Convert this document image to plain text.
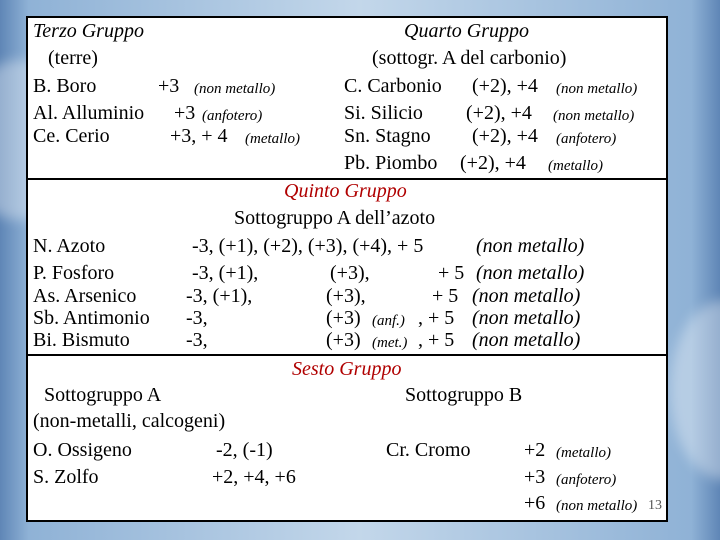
Terzo Gruppo
(terre)
B. Boro	+3 (non metallo)
Al. Alluminio +3 (anfotero)
Ce. Cerio	+3, + 4 (metallo)
Quarto Gruppo
(sottogr. A del carbonio)
C. Carbonio (+2), +4 (non metallo)
Si. Silicio (+2), +4 (non metallo)
Sn. Stagno (+2), +4 (anfotero)
Pb. Piombo (+2), +4 (metallo)
Quinto Gruppo
Sottogruppo A dell’azoto
N. Azoto	-3, (+1), (+2), (+3), (+4), + 5	(non metallo)
P. Fosforo	-3, (+1),	(+3),	+ 5 (non metallo)
As. Arsenico -3, (+1),	(+3),	+ 5 (non metallo)
Sb. Antimonio -3,	(+3) (anf.) , + 5 (non metallo)
Bi. Bismuto	-3,	(+3) (met.) , + 5 (non metallo)
Sesto Gruppo
Sottogruppo A	Sottogruppo B
(non-metalli, calcogeni)
O. Ossigeno	-2, (-1)
S. Zolfo	+2, +4, +6
Cr. Cromo	+2 (metallo)
+3 (anfotero)
+6 (non metallo) 13
